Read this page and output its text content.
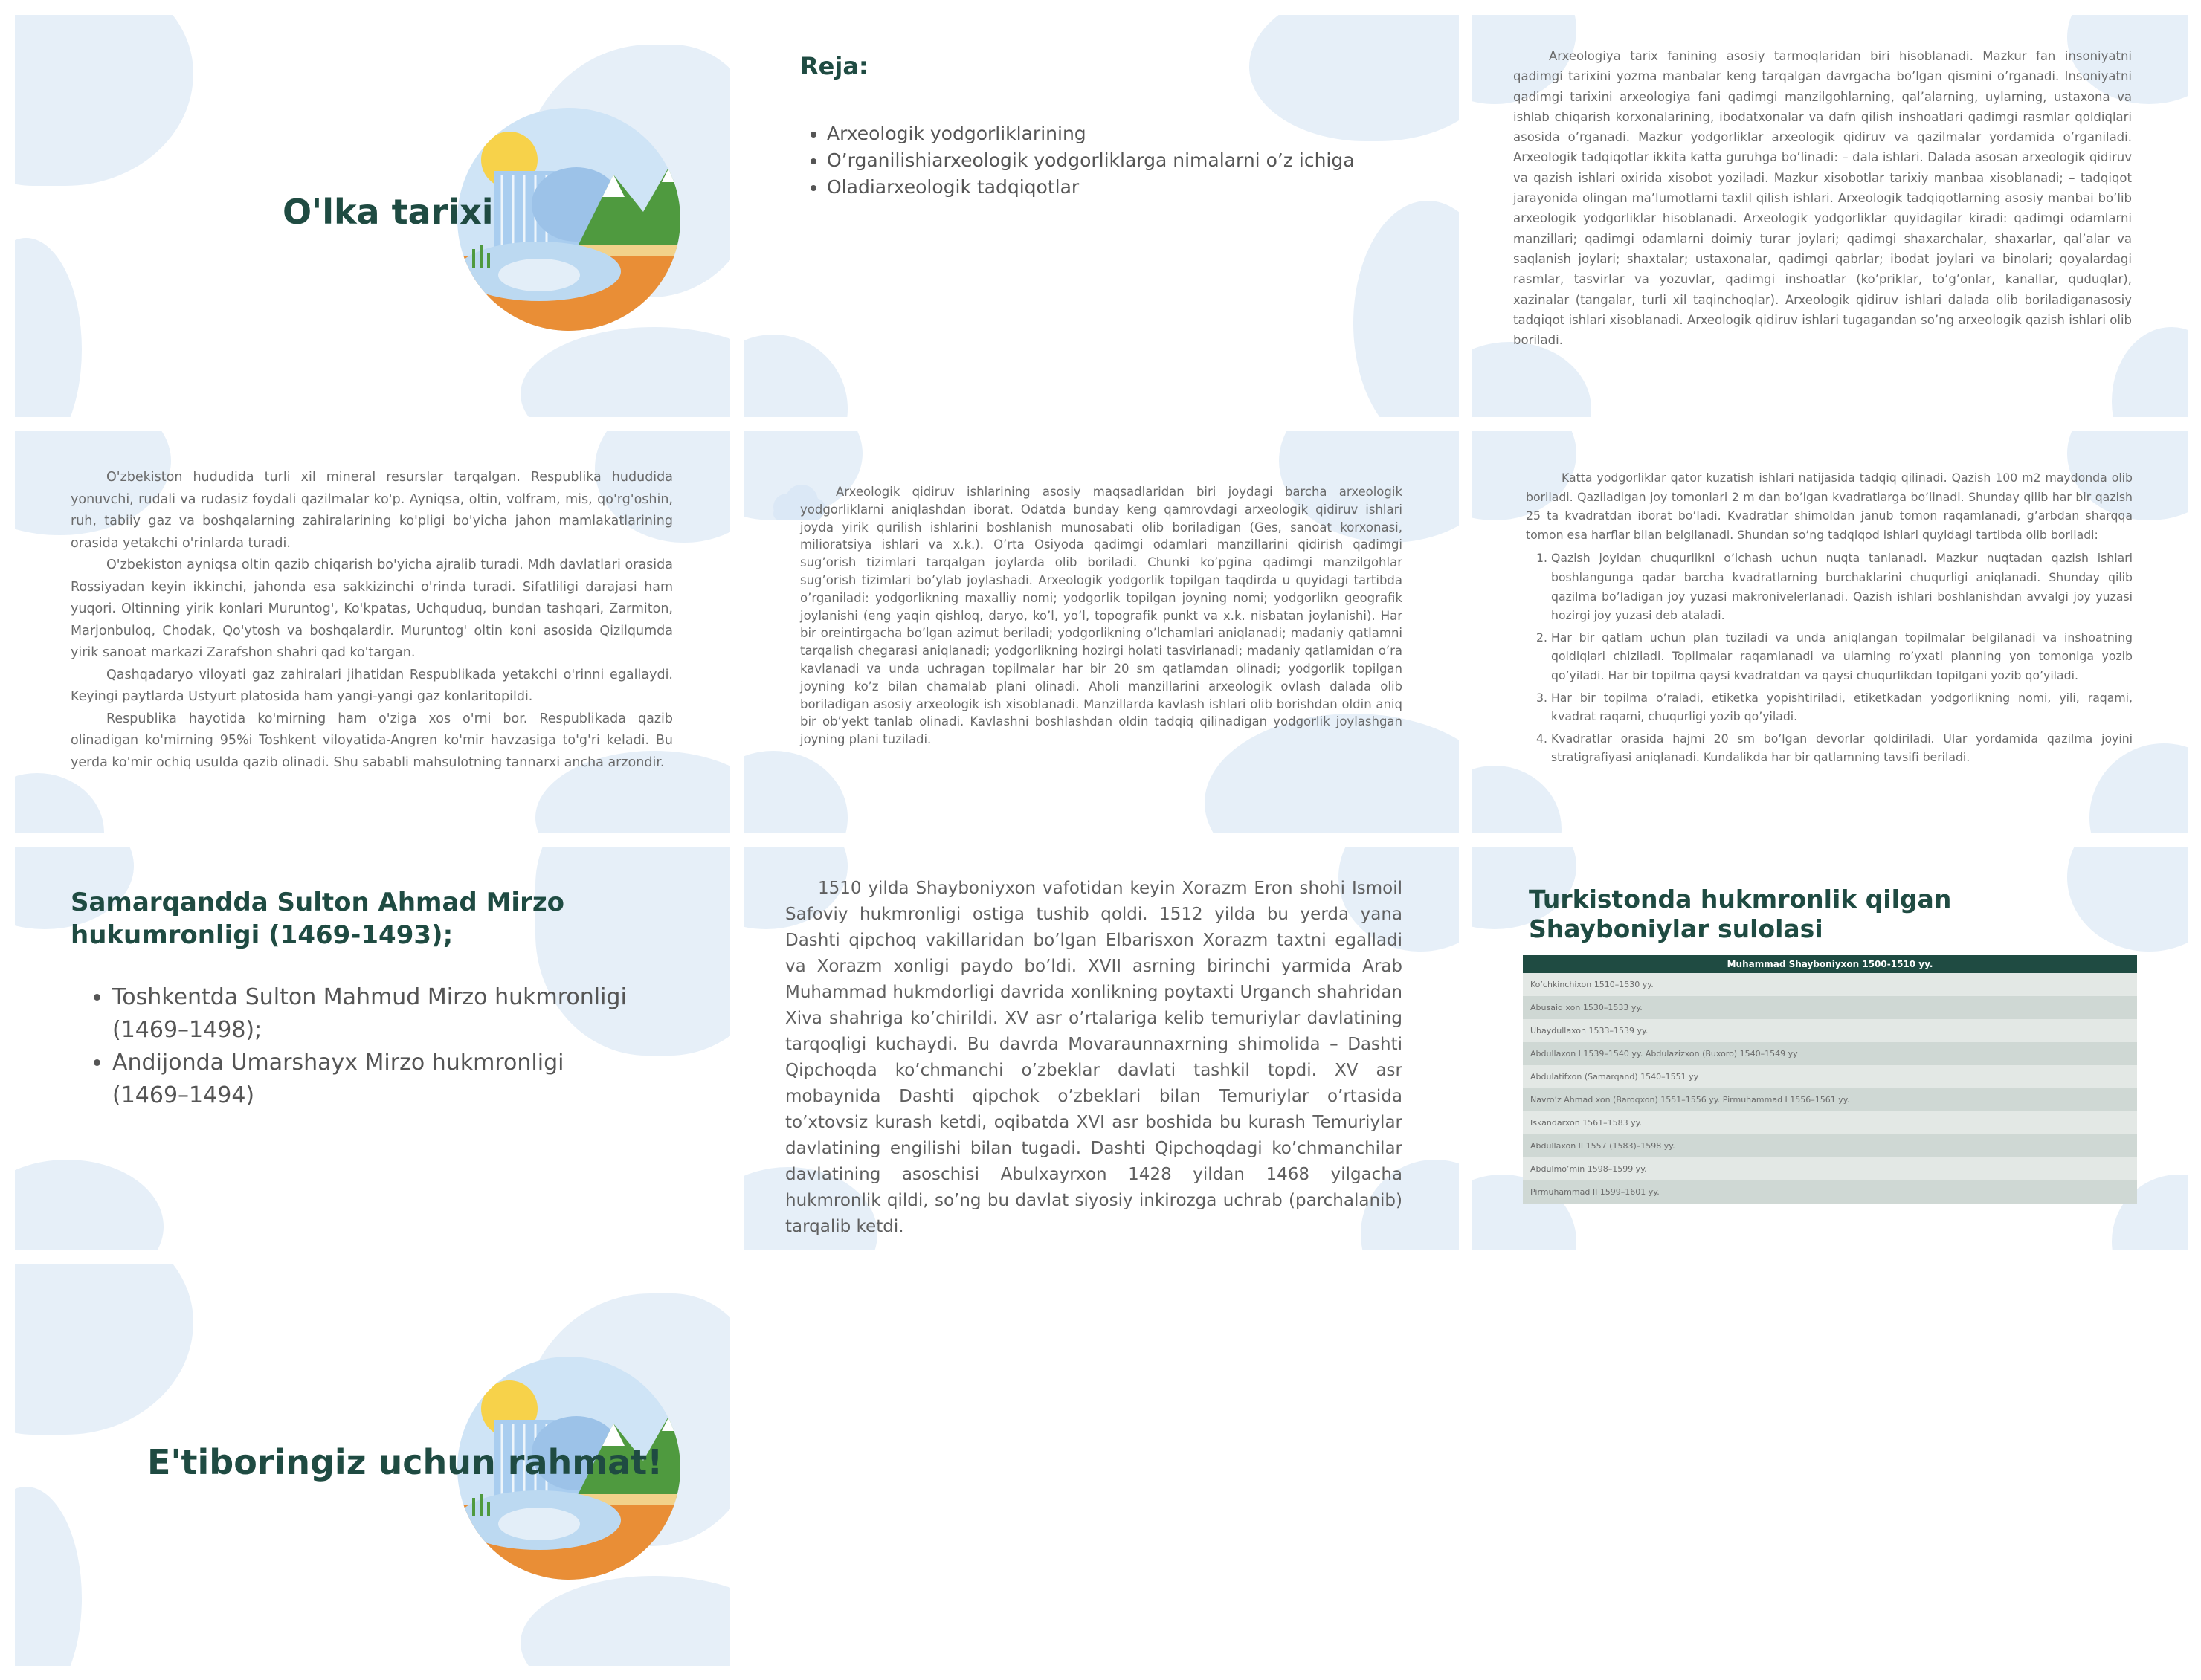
O'lka tarixi
Reja:
• Arxeologik yodgorliklarining
• O’rganilishiarxeologik yodgorliklarga nimalarni o’z ichiga
• Oladiarxeologik tadqiqotlar

Arxeologiya tarix fanining asosiy tarmoqlaridan biri hisoblanadi. Mazkur fan insoniyatni qadimgi tarixini yozma manbalar keng tarqalgan davrgacha bo’lgan qismini o’rganadi. Insoniyatni qadimgi tarixini arxeologiya fani qadimgi manzilgohlarning, qal’alarning, uylarning, ustaxona va ishlab chiqarish korxonalarining, ibodatxonalar va dafn qilish inshoatlari qadimgi rasmlar qoldiqlari asosida o’rganadi. Mazkur yodgorliklar arxeologik qidiruv va qazilmalar yordamida o’rganiladi. Arxeologik tadqiqotlar ikkita katta guruhga bo’linadi: – dala ishlari. Dalada asosan arxeologik qidiruv va qazish ishlari oxirida xisobot yoziladi. Mazkur xisobotlar tarixiy manbaa xisoblanadi; – tadqiqot jarayonida olingan ma’lumotlarni taxlil qilish ishlari. Arxeologik tadqiqotlarning asosiy manbai bo’lib arxeologik yodgorliklar hisoblanadi. Arxeologik yodgorliklar quyidagilar kiradi: qadimgi odamlarni manzillari; qadimgi odamlarni doimiy turar joylari; qadimgi shaxarchalar, shaxarlar, qal’alar va saqlanish joylari; shaxtalar; ustaxonalar, qadimgi qabrlar; ibodat joylari va binolari; qoyalardagi rasmlar, tasvirlar va yozuvlar, qadimgi inshoatlar (ko’priklar, to’g’onlar, kanallar, quduqlar), xazinalar (tangalar, turli xil taqinchoqlar). Arxeologik qidiruv ishlari dalada olib boriladiganasosiy tadqiqot ishlari xisoblanadi. Arxeologik qidiruv ishlari tugagandan so’ng arxeologik qazish ishlari olib boriladi.

O'zbekiston hududida turli xil mineral resurslar tarqalgan. Respublika hududida yonuvchi, rudali va rudasiz foydali qazilmalar ko'p. Ayniqsa, oltin, volfram, mis, qo'rg'oshin, ruh, tabiiy gaz va boshqalarning zahiralarining ko'pligi bo'yicha jahon mamlakatlarining orasida yetakchi o'rinlarda turadi.

O'zbekiston ayniqsa oltin qazib chiqarish bo'yicha ajralib turadi. Mdh davlatlari orasida Rossiyadan keyin ikkinchi, jahonda esa sakkizinchi o'rinda turadi. Sifatliligi darajasi ham yuqori. Oltinning yirik konlari Muruntog', Ko'kpatas, Uchquduq, bundan tashqari, Zarmiton, Marjonbuloq, Chodak, Qo'ytosh va boshqalardir. Muruntog' oltin koni asosida Qizilqumda yirik sanoat markazi Zarafshon shahri qad ko'targan.

Qashqadaryo viloyati gaz zahiralari jihatidan Respublikada yetakchi o'rinni egallaydi. Keyingi paytlarda Ustyurt platosida ham yangi-yangi gaz konlaritopildi.

Respublika hayotida ko'mirning ham o'ziga xos o'rni bor. Respublikada qazib olinadigan ko'mirning 95%i Toshkent viloyatida-Angren ko'mir havzasiga to'g'ri keladi. Bu yerda ko'mir ochiq usulda qazib olinadi. Shu sababli mahsulotning tannarxi ancha arzondir.

Arxeologik qidiruv ishlarining asosiy maqsadlaridan biri joydagi barcha arxeologik yodgorliklarni aniqlashdan iborat. Odatda bunday keng qamrovdagi arxeologik qidiruv ishlari joyda yirik qurilish ishlarini boshlanish munosabati olib boriladigan (Ges, sanoat korxonasi, milioratsiya ishlari va x.k.). O’rta Osiyoda qadimgi odamlari manzillarini qidirish qadimgi sug’orish tizimlari tarqalgan joylarda olib boriladi. Chunki ko’pgina qadimgi manzilgohlar sug’orish tizimlari bo’ylab joylashadi. Arxeologik yodgorlik topilgan taqdirda u quyidagi tartibda o’rganiladi: yodgorlikning maxalliy nomi; yodgorlik topilgan joyning nomi; yodgorlikn geografik joylanishi (eng yaqin qishloq, daryo, ko’l, yo’l, topografik punkt va x.k. nisbatan joylanishi). Har bir oreintirgacha bo’lgan azimut beriladi; yodgorlikning o’lchamlari aniqlanadi; madaniy qatlamni tarqalish chegarasi aniqlanadi; yodgorlikning hozirgi holati tasvirlanadi; madaniy qatlamidan o’ra kavlanadi va unda uchragan topilmalar har bir 20 sm qatlamdan olinadi; yodgorlik topilgan joyning ko’z bilan chamalab plani olinadi. Aholi manzillarini arxeologik ovlash dalada olib boriladigan asosiy arxeologik ish xisoblanadi. Manzillarda kavlash ishlari olib borishdan oldin aniq bir ob’yekt tanlab olinadi. Kavlashni boshlashdan oldin tadqiq qilinadigan yodgorlik joylashgan joyning plani tuziladi.

Katta yodgorliklar qator kuzatish ishlari natijasida tadqiq qilinadi. Qazish 100 m2 maydonda olib boriladi. Qaziladigan joy tomonlari 2 m dan bo’lgan kvadratlarga bo’linadi. Shunday qilib har bir qazish 25 ta kvadratdan iborat bo’ladi. Kvadratlar shimoldan janub tomon raqamlanadi, g’arbdan sharqqa tomon esa harflar bilan belgilanadi. Shundan so’ng tadqiqod ishlari quyidagi tartibda olib boriladi:

1. Qazish joyidan chuqurlikni o’lchash uchun nuqta tanlanadi. Mazkur nuqtadan qazish ishlari boshlangunga qadar barcha kvadratlarning burchaklarini chuqurligi aniqlanadi. Shunday qilib qazilma bo’ladigan joy yuzasi makronivelerlanadi. Qazish ishlari boshlanishdan avvalgi joy yuzasi hozirgi joy yuzasi deb ataladi.
2. Har bir qatlam uchun plan tuziladi va unda aniqlangan topilmalar belgilanadi va inshoatning qoldiqlari chiziladi. Topilmalar raqamlanadi va ularning ro’yxati planning yon tomoniga yozib qo’yiladi. Har bir topilma qaysi kvadratdan va qaysi chuqurlikdan topilgani yozib qo’yiladi.
3. Har bir topilma o’raladi, etiketka yopishtiriladi, etiketkadan yodgorlikning nomi, yili, raqami, kvadrat raqami, chuqurligi yozib qo’yiladi.
4. Kvadratlar orasida hajmi 20 sm bo’lgan devorlar qoldiriladi. Ular yordamida qazilma joyini stratigrafiyasi aniqlanadi. Kundalikda har bir qatlamning tavsifi beriladi.
Samarqandda Sulton Ahmad Mirzo hukumronligi (1469-1493);
• Toshkentda Sulton Mahmud Mirzo hukmronligi (1469–1498);
• Andijonda Umarshayx Mirzo hukmronligi (1469–1494)

1510 yilda Shayboniyxon vafotidan keyin Xorazm Eron shohi Ismoil Safoviy hukmronligi ostiga tushib qoldi. 1512 yilda bu yerda yana Dashti qipchoq vakillaridan bo’lgan Elbarisxon Xorazm taxtni egalladi va Xorazm xonligi paydo bo’ldi. XVII asrning birinchi yarmida Arab Muhammad hukmdorligi davrida xonlikning poytaxti Urganch shahridan Xiva shahriga ko’chirildi. XV asr o’rtalariga kelib temuriylar davlatining tarqoqligi kuchaydi. Bu davrda Movaraunnaxrning shimolida – Dashti Qipchoqda ko’chmanchi o’zbeklar davlati tashkil topdi. XV asr mobaynida Dashti qipchok o’zbeklari bilan Temuriylar o’rtasida to’xtovsiz kurash ketdi, oqibatda XVI asr boshida bu kurash Temuriylar davlatining engilishi bilan tugadi. Dashti Qipchoqdagi ko’chmanchilar davlatining asoschisi Abulxayrxon 1428 yildan 1468 yilgacha hukmronlik qildi, so’ng bu davlat siyosiy inkirozga uchrab (parchalanib) tarqalib ketdi.

Turkistonda hukmronlik qilgan Shayboniylar sulolasi
Muhammad Shayboniyxon 1500-1510 yy.
Ko’chkinchixon 1510–1530 yy.
Abusaid xon 1530–1533 yy.
Ubaydullaxon 1533–1539 yy.
Abdullaxon I 1539–1540 yy. Abdulazizxon (Buxoro) 1540–1549 yy
Abdulatifxon (Samarqand) 1540–1551 yy
Navro’z Ahmad xon (Baroqxon) 1551–1556 yy. Pirmuhammad I 1556–1561 yy.
Iskandarxon 1561–1583 yy.
Abdullaxon II 1557 (1583)–1598 yy.
Abdulmo’min 1598–1599 yy.
Pirmuhammad II 1599–1601 yy.
E'tiboringiz uchun rahmat!
